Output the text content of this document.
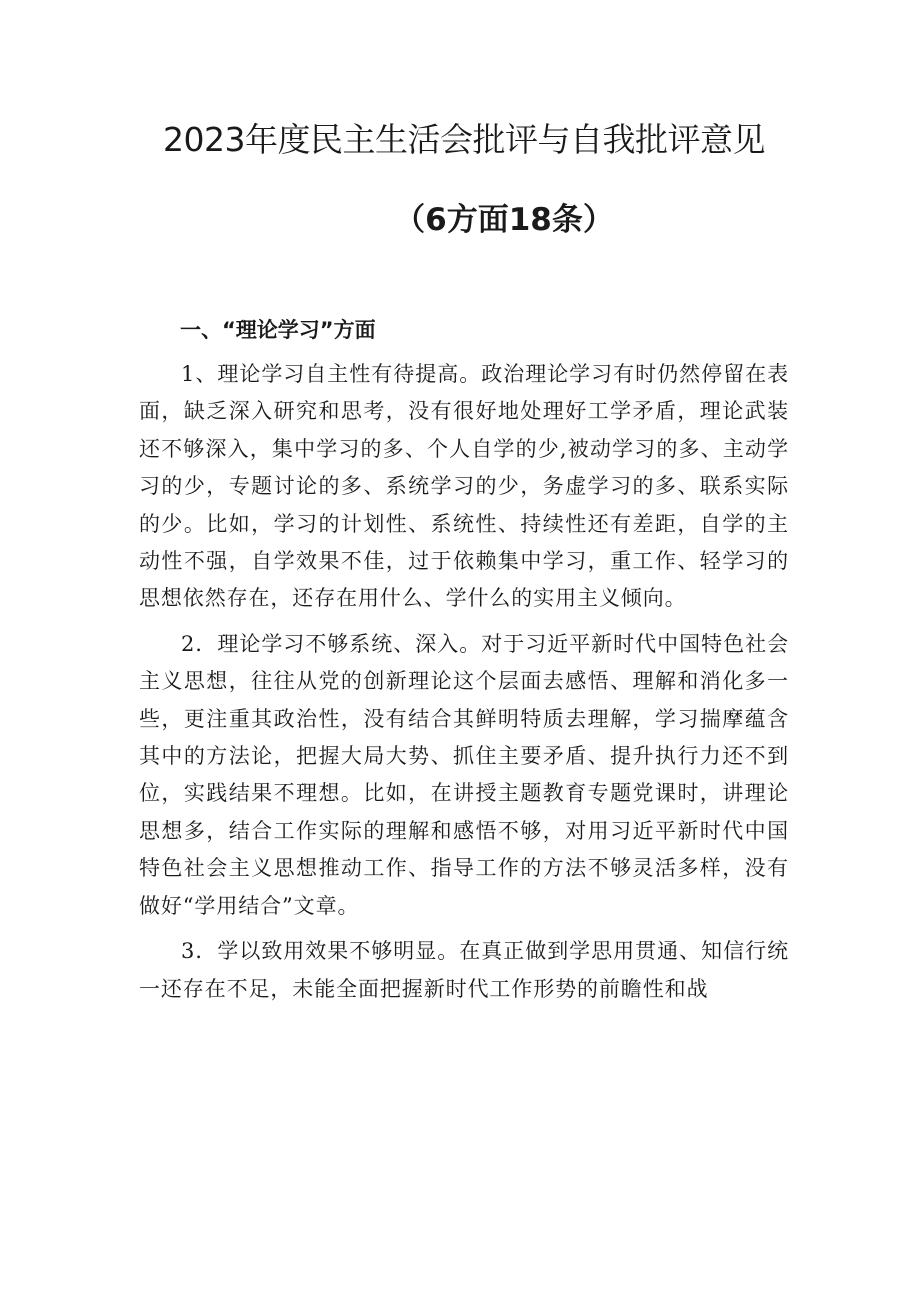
2023年度民主生活会批评与自我批评意见
（6方面18条）
一、“理论学习”方面

1、理论学习自主性有待提高。政治理论学习有时仍然停留在表面，缺乏深入研究和思考，没有很好地处理好工学矛盾，理论武装还不够深入，集中学习的多、个人自学的少,被动学习的多、主动学习的少，专题讨论的多、系统学习的少，务虚学习的多、联系实际的少。比如，学习的计划性、系统性、持续性还有差距，自学的主动性不强，自学效果不佳，过于依赖集中学习，重工作、轻学习的思想依然存在，还存在用什么、学什么的实用主义倾向。

2．理论学习不够系统、深入。对于习近平新时代中国特色社会主义思想，往往从党的创新理论这个层面去感悟、理解和消化多一些，更注重其政治性，没有结合其鲜明特质去理解，学习揣摩蕴含其中的方法论，把握大局大势、抓住主要矛盾、提升执行力还不到位，实践结果不理想。比如，在讲授主题教育专题党课时，讲理论思想多，结合工作实际的理解和感悟不够，对用习近平新时代中国特色社会主义思想推动工作、指导工作的方法不够灵活多样，没有做好“学用结合”文章。

3．学以致用效果不够明显。在真正做到学思用贯通、知信行统一还存在不足，未能全面把握新时代工作形势的前瞻性和战
